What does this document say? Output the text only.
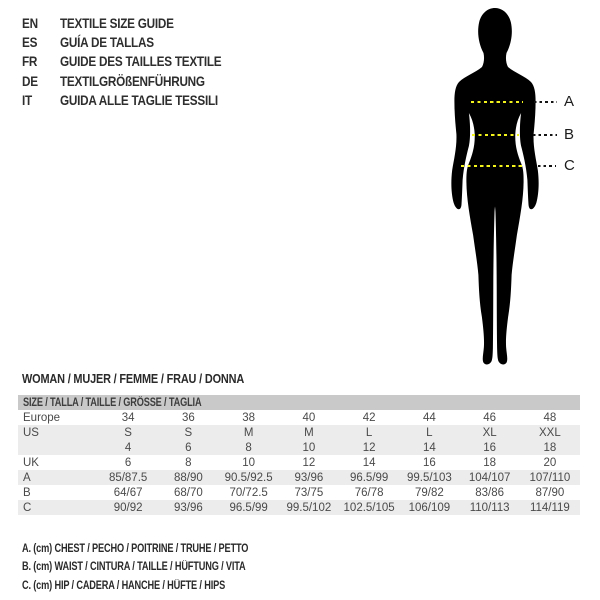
EN	TEXTILE SIZE GUIDE
ES	GUÍA DE TALLAS
FR	GUIDE DES TAILLES TEXTILE
DE	TEXTILGRÖßENFÜHRUNG
IT	GUIDA ALLE TAGLIE TESSILI	A
B
C
WOMAN / MUJER / FEMME / FRAU / DONNA
SIZE / TALLA / TAILLE / GRÖSSE / TAGLIA
Europe	34	36	38	40	42	44	46	48
US	S	S	M	M	L	L	XL	XXL
4	6	8	10	12	14	16	18
UK	6	8	10	12	14	16	18	20
A	85/87.5	88/90	90.5/92.5	93/96	96.5/99	99.5/103	104/107	107/110
B	64/67	68/70	70/72.5	73/75	76/78	79/82	83/86	87/90
C	90/92	93/96	96.5/99	99.5/102	102.5/105	106/109	110/113	114/119
A. (cm) CHEST / PECHO / POITRINE / TRUHE / PETTO
B. (cm) WAIST / CINTURA / TAILLE / HÜFTUNG / VITA
C. (cm) HIP / CADERA / HANCHE / HÜFTE / HIPS
